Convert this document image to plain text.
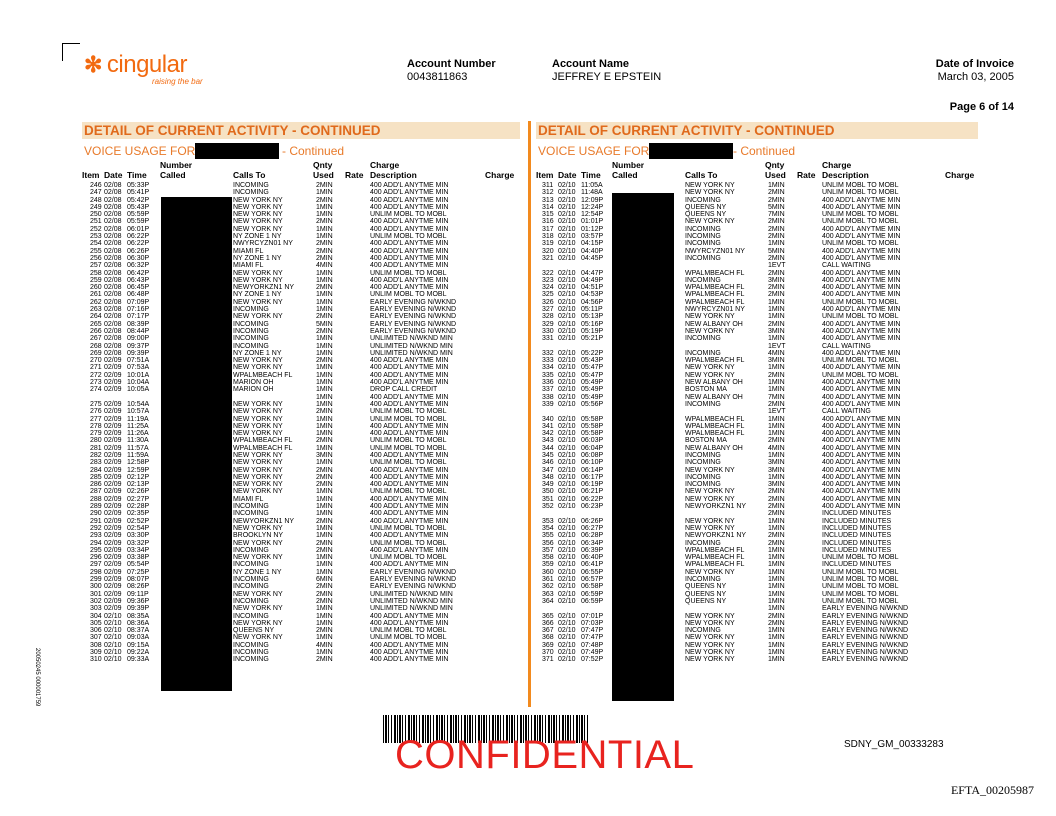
✻ cingular
raising the bar
Account Number
0043811863
Account Name
JEFFREY E EPSTEIN
Date of Invoice
March 03, 2005
Page 6 of 14
DETAIL OF CURRENT ACTIVITY - CONTINUED
VOICE USAGE FOR	- Continued
Number	Qnty	Charge
Item Date Time Called	Calls To	Used Rate Description	Charge
246 02/08 05:33P	INCOMING	2MIN	400 ADD'L ANYTME MIN
247 02/08 05:41P	INCOMING	1MIN	400 ADD'L ANYTME MIN
248 02/08 05:42P	NEW YORK NY	2MIN	400 ADD'L ANYTME MIN
249 02/08 05:43P	NEW YORK NY	1MIN	400 ADD'L ANYTME MIN
250 02/08 05:59P	NEW YORK NY	1MIN	UNLIM MOBL TO MOBL
251 02/08 05:59P	NEW YORK NY	2MIN	400 ADD'L ANYTME MIN
252 02/08 06:01P	NEW YORK NY	1MIN	400 ADD'L ANYTME MIN
253 02/08 06:22P	NY ZONE 1 NY	1MIN	UNLIM MOBL TO MOBL
254 02/08 06:22P	NWYRCYZN01 NY	2MIN	400 ADD'L ANYTME MIN
255 02/08 06:26P	MIAMI FL	2MIN	400 ADD'L ANYTME MIN
256 02/08 06:30P	NY ZONE 1 NY	2MIN	400 ADD'L ANYTME MIN
257 02/08 06:32P	MIAMI FL	4MIN	400 ADD'L ANYTME MIN
258 02/08 06:42P	NEW YORK NY	1MIN	UNLIM MOBL TO MOBL
259 02/08 06:43P	NEW YORK NY	1MIN	400 ADD'L ANYTME MIN
260 02/08 06:45P	NEWYORKZN1 NY	2MIN	400 ADD'L ANYTME MIN
261 02/08 06:48P	NY ZONE 1 NY	1MIN	UNLIM MOBL TO MOBL
262 02/08 07:09P	NEW YORK NY	1MIN	EARLY EVENING N/WKND
263 02/08 07:16P	INCOMING	1MIN	EARLY EVENING N/WKND
264 02/08 07:17P	NEW YORK NY	2MIN	EARLY EVENING N/WKND
265 02/08 08:39P	INCOMING	5MIN	EARLY EVENING N/WKND
266 02/08 08:44P	INCOMING	2MIN	EARLY EVENING N/WKND
267 02/08 09:00P	INCOMING	1MIN	UNLIMITED N/WKND MIN
268 02/08 09:37P	INCOMING	1MIN	UNLIMITED N/WKND MIN
269 02/08 09:39P	NY ZONE 1 NY	1MIN	UNLIMITED N/WKND MIN
270 02/09 07:51A	NEW YORK NY	2MIN	400 ADD'L ANYTME MIN
271 02/09 07:53A	NEW YORK NY	1MIN	400 ADD'L ANYTME MIN
272 02/09 10:01A	WPALMBEACH FL	1MIN	400 ADD'L ANYTME MIN
273 02/09 10:04A	MARION OH	1MIN	400 ADD'L ANYTME MIN
274 02/09 10:05A	MARION OH	1MIN	DROP CALL CREDIT
1MIN	400 ADD'L ANYTME MIN
275 02/09 10:54A	NEW YORK NY	1MIN	400 ADD'L ANYTME MIN
276 02/09 10:57A	NEW YORK NY	2MIN	UNLIM MOBL TO MOBL
277 02/09 11:19A	NEW YORK NY	1MIN	UNLIM MOBL TO MOBL
278 02/09 11:25A	NEW YORK NY	1MIN	400 ADD'L ANYTME MIN
279 02/09 11:26A	NEW YORK NY	1MIN	400 ADD'L ANYTME MIN
280 02/09 11:30A	WPALMBEACH FL	2MIN	UNLIM MOBL TO MOBL
281 02/09 11:57A	WPALMBEACH FL	1MIN	UNLIM MOBL TO MOBL
282 02/09 11:59A	NEW YORK NY	3MIN	400 ADD'L ANYTME MIN
283 02/09 12:58P	NEW YORK NY	1MIN	UNLIM MOBL TO MOBL
284 02/09 12:59P	NEW YORK NY	2MIN	400 ADD'L ANYTME MIN
285 02/09 02:12P	NEW YORK NY	2MIN	400 ADD'L ANYTME MIN
286 02/09 02:13P	NEW YORK NY	2MIN	400 ADD'L ANYTME MIN
287 02/09 02:26P	NEW YORK NY	1MIN	UNLIM MOBL TO MOBL
288 02/09 02:27P	MIAMI FL	1MIN	400 ADD'L ANYTME MIN
289 02/09 02:28P	INCOMING	1MIN	400 ADD'L ANYTME MIN
290 02/09 02:35P	INCOMING	1MIN	400 ADD'L ANYTME MIN
291 02/09 02:52P	NEWYORKZN1 NY	2MIN	400 ADD'L ANYTME MIN
292 02/09 02:54P	NEW YORK NY	1MIN	UNLIM MOBL TO MOBL
293 02/09 03:30P	BROOKLYN NY	1MIN	400 ADD'L ANYTME MIN
294 02/09 03:32P	NEW YORK NY	2MIN	UNLIM MOBL TO MOBL
295 02/09 03:34P	INCOMING	2MIN	400 ADD'L ANYTME MIN
296 02/09 03:38P	NEW YORK NY	1MIN	UNLIM MOBL TO MOBL
297 02/09 05:54P	INCOMING	1MIN	400 ADD'L ANYTME MIN
298 02/09 07:25P	NY ZONE 1 NY	1MIN	EARLY EVENING N/WKND
299 02/09 08:07P	INCOMING	6MIN	EARLY EVENING N/WKND
300 02/09 08:26P	INCOMING	2MIN	EARLY EVENING N/WKND
301 02/09 09:11P	NEW YORK NY	2MIN	UNLIMITED N/WKND MIN
302 02/09 09:36P	INCOMING	2MIN	UNLIMITED N/WKND MIN
303 02/09 09:39P	NEW YORK NY	1MIN	UNLIMITED N/WKND MIN
304 02/10 08:35A	INCOMING	1MIN	400 ADD'L ANYTME MIN
305 02/10 08:36A	NEW YORK NY	1MIN	400 ADD'L ANYTME MIN
306 02/10 08:37A	QUEENS NY	2MIN	UNLIM MOBL TO MOBL
307 02/10 09:03A	NEW YORK NY	1MIN	UNLIM MOBL TO MOBL
308 02/10 09:15A	INCOMING	4MIN	400 ADD'L ANYTME MIN
309 02/10 09:22A	INCOMING	1MIN	400 ADD'L ANYTME MIN
310 02/10 09:33A	INCOMING	2MIN	400 ADD'L ANYTME MIN
DETAIL OF CURRENT ACTIVITY - CONTINUED
VOICE USAGE FOR	- Continued
Number	Qnty	Charge
Item Date Time Called	Calls To	Used Rate Description	Charge
311 02/10 11:05A	NEW YORK NY	1MIN	UNLIM MOBL TO MOBL
312 02/10 11:48A	NEW YORK NY	2MIN	UNLIM MOBL TO MOBL
313 02/10 12:09P	INCOMING	2MIN	400 ADD'L ANYTME MIN
314 02/10 12:24P	QUEENS NY	5MIN	400 ADD'L ANYTME MIN
315 02/10 12:54P	QUEENS NY	7MIN	UNLIM MOBL TO MOBL
316 02/10 01:01P	NEW YORK NY	2MIN	UNLIM MOBL TO MOBL
317 02/10 01:12P	INCOMING	2MIN	400 ADD'L ANYTME MIN
318 02/10 03:57P	INCOMING	2MIN	400 ADD'L ANYTME MIN
319 02/10 04:15P	INCOMING	1MIN	UNLIM MOBL TO MOBL
320 02/10 04:40P	NWYRCYZN01 NY	5MIN	400 ADD'L ANYTME MIN
321 02/10 04:45P	INCOMING	2MIN	400 ADD'L ANYTME MIN
1EVT	CALL WAITING
322 02/10 04:47P	WPALMBEACH FL	2MIN	400 ADD'L ANYTME MIN
323 02/10 04:49P	INCOMING	3MIN	400 ADD'L ANYTME MIN
324 02/10 04:51P	WPALMBEACH FL	2MIN	400 ADD'L ANYTME MIN
325 02/10 04:53P	WPALMBEACH FL	2MIN	400 ADD'L ANYTME MIN
326 02/10 04:56P	WPALMBEACH FL	1MIN	UNLIM MOBL TO MOBL
327 02/10 05:11P	NWYRCYZN01 NY	1MIN	400 ADD'L ANYTME MIN
328 02/10 05:13P	NEW YORK NY	1MIN	UNLIM MOBL TO MOBL
329 02/10 05:16P	NEW ALBANY OH	2MIN	400 ADD'L ANYTME MIN
330 02/10 05:19P	NEW YORK NY	3MIN	400 ADD'L ANYTME MIN
331 02/10 05:21P	INCOMING	1MIN	400 ADD'L ANYTME MIN
1EVT	CALL WAITING
332 02/10 05:22P	INCOMING	4MIN	400 ADD'L ANYTME MIN
333 02/10 05:43P	WPALMBEACH FL	3MIN	UNLIM MOBL TO MOBL
334 02/10 05:47P	NEW YORK NY	1MIN	400 ADD'L ANYTME MIN
335 02/10 05:47P	NEW YORK NY	2MIN	UNLIM MOBL TO MOBL
336 02/10 05:49P	NEW ALBANY OH	1MIN	400 ADD'L ANYTME MIN
337 02/10 05:49P	BOSTON MA	1MIN	400 ADD'L ANYTME MIN
338 02/10 05:49P	NEW ALBANY OH	7MIN	400 ADD'L ANYTME MIN
339 02/10 05:56P	INCOMING	2MIN	400 ADD'L ANYTME MIN
1EVT	CALL WAITING
340 02/10 05:58P	WPALMBEACH FL	1MIN	400 ADD'L ANYTME MIN
341 02/10 05:58P	WPALMBEACH FL	1MIN	400 ADD'L ANYTME MIN
342 02/10 05:58P	WPALMBEACH FL	1MIN	400 ADD'L ANYTME MIN
343 02/10 06:03P	BOSTON MA	2MIN	400 ADD'L ANYTME MIN
344 02/10 06:04P	NEW ALBANY OH	4MIN	400 ADD'L ANYTME MIN
345 02/10 06:08P	INCOMING	1MIN	400 ADD'L ANYTME MIN
346 02/10 06:10P	INCOMING	3MIN	400 ADD'L ANYTME MIN
347 02/10 06:14P	NEW YORK NY	3MIN	400 ADD'L ANYTME MIN
348 02/10 06:17P	INCOMING	1MIN	400 ADD'L ANYTME MIN
349 02/10 06:19P	INCOMING	3MIN	400 ADD'L ANYTME MIN
350 02/10 06:21P	NEW YORK NY	2MIN	400 ADD'L ANYTME MIN
351 02/10 06:22P	NEW YORK NY	2MIN	400 ADD'L ANYTME MIN
352 02/10 06:23P	NEWYORKZN1 NY	2MIN	400 ADD'L ANYTME MIN
2MIN	INCLUDED MINUTES
353 02/10 06:26P	NEW YORK NY	1MIN	INCLUDED MINUTES
354 02/10 06:27P	NEW YORK NY	1MIN	INCLUDED MINUTES
355 02/10 06:28P	NEWYORKZN1 NY	2MIN	INCLUDED MINUTES
356 02/10 06:34P	INCOMING	2MIN	INCLUDED MINUTES
357 02/10 06:39P	WPALMBEACH FL	1MIN	INCLUDED MINUTES
358 02/10 06:40P	WPALMBEACH FL	1MIN	UNLIM MOBL TO MOBL
359 02/10 06:41P	WPALMBEACH FL	1MIN	INCLUDED MINUTES
360 02/10 06:55P	NEW YORK NY	1MIN	UNLIM MOBL TO MOBL
361 02/10 06:57P	INCOMING	1MIN	UNLIM MOBL TO MOBL
362 02/10 06:58P	QUEENS NY	1MIN	UNLIM MOBL TO MOBL
363 02/10 06:59P	QUEENS NY	1MIN	UNLIM MOBL TO MOBL
364 02/10 06:59P	QUEENS NY	1MIN	UNLIM MOBL TO MOBL
1MIN	EARLY EVENING N/WKND
365 02/10 07:01P	NEW YORK NY	2MIN	EARLY EVENING N/WKND
366 02/10 07:03P	NEW YORK NY	2MIN	EARLY EVENING N/WKND
367 02/10 07:47P	INCOMING	1MIN	EARLY EVENING N/WKND
368 02/10 07:47P	NEW YORK NY	1MIN	EARLY EVENING N/WKND
369 02/10 07:48P	NEW YORK NY	1MIN	EARLY EVENING N/WKND
370 02/10 07:49P	NEW YORK NY	1MIN	EARLY EVENING N/WKND
371 02/10 07:52P	NEW YORK NY	1MIN	EARLY EVENING N/WKND
CONFIDENTIAL	SDNY_GM_00333283
EFTA_00205987
20050245 000001759
